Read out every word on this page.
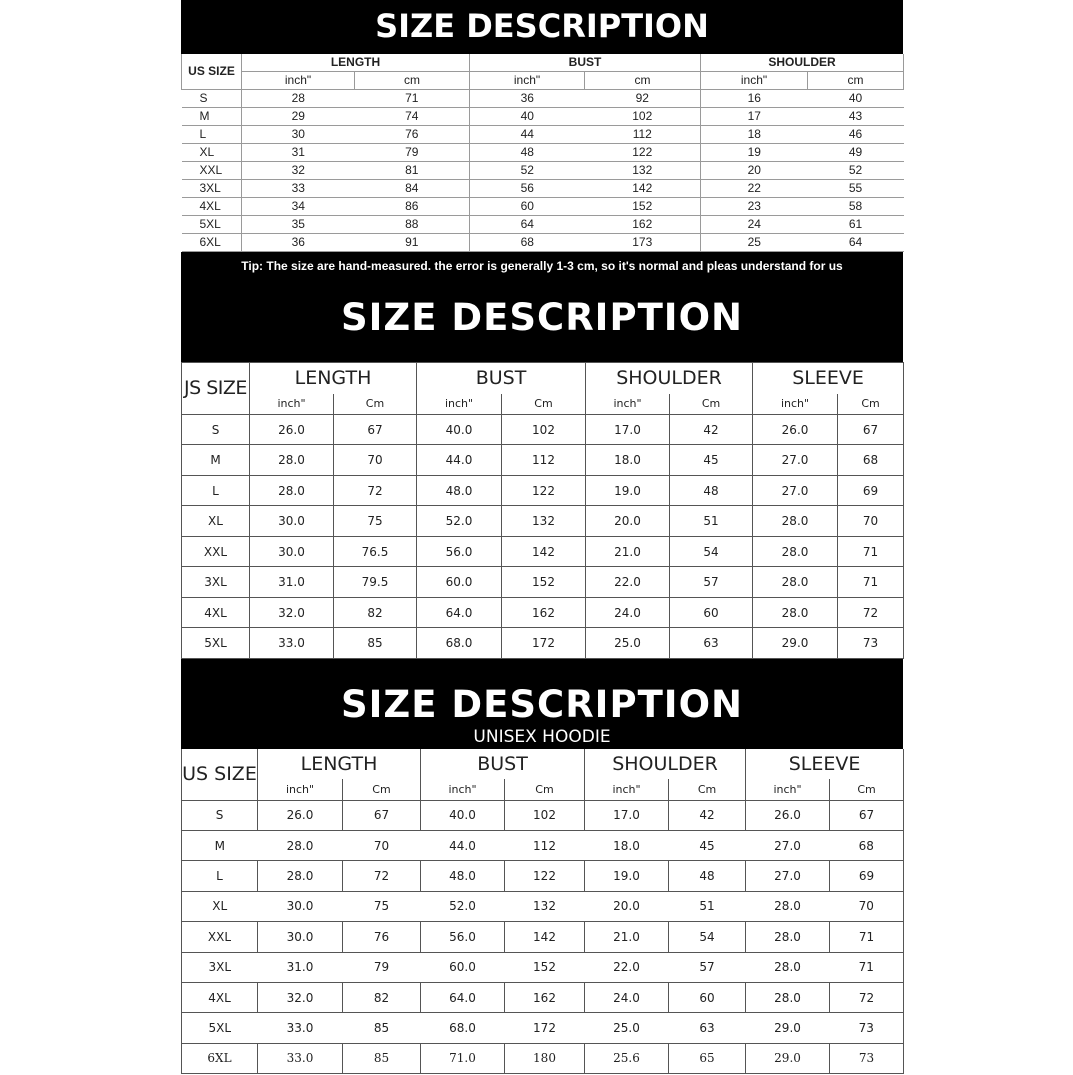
SIZE DESCRIPTION
US SIZE	LENGTH		BUST		SHOULDER	
	inch"	cm	inch"	cm	inch"	cm
S	28	71	36	92	16	40
M	29	74	40	102	17	43
L	30	76	44	112	18	46
XL	31	79	48	122	19	49
XXL	32	81	52	132	20	52
3XL	33	84	56	142	22	55
4XL	34	86	60	152	23	58
5XL	35	88	64	162	24	61
6XL	36	91	68	173	25	64
Tip: The size are hand-measured. the error is generally 1-3 cm, so it's normal and pleas understand for us
SIZE DESCRIPTION
JS SIZE	LENGTH		BUST		SHOULDER		SLEEVE	
	inch"	Cm	inch"	Cm	inch"	Cm	inch"	Cm
S	26.0	67	40.0	102	17.0	42	26.0	67
M	28.0	70	44.0	112	18.0	45	27.0	68
L	28.0	72	48.0	122	19.0	48	27.0	69
XL	30.0	75	52.0	132	20.0	51	28.0	70
XXL	30.0	76.5	56.0	142	21.0	54	28.0	71
3XL	31.0	79.5	60.0	152	22.0	57	28.0	71
4XL	32.0	82	64.0	162	24.0	60	28.0	72
5XL	33.0	85	68.0	172	25.0	63	29.0	73
SIZE DESCRIPTION
UNISEX HOODIE
US SIZE	LENGTH		BUST		SHOULDER		SLEEVE	
	inch"	Cm	inch"	Cm	inch"	Cm	inch"	Cm
S	26.0	67	40.0	102	17.0	42	26.0	67
M	28.0	70	44.0	112	18.0	45	27.0	68
L	28.0	72	48.0	122	19.0	48	27.0	69
XL	30.0	75	52.0	132	20.0	51	28.0	70
XXL	30.0	76	56.0	142	21.0	54	28.0	71
3XL	31.0	79	60.0	152	22.0	57	28.0	71
4XL	32.0	82	64.0	162	24.0	60	28.0	72
5XL	33.0	85	68.0	172	25.0	63	29.0	73
6XL	33.0	85	71.0	180	25.6	65	29.0	73
